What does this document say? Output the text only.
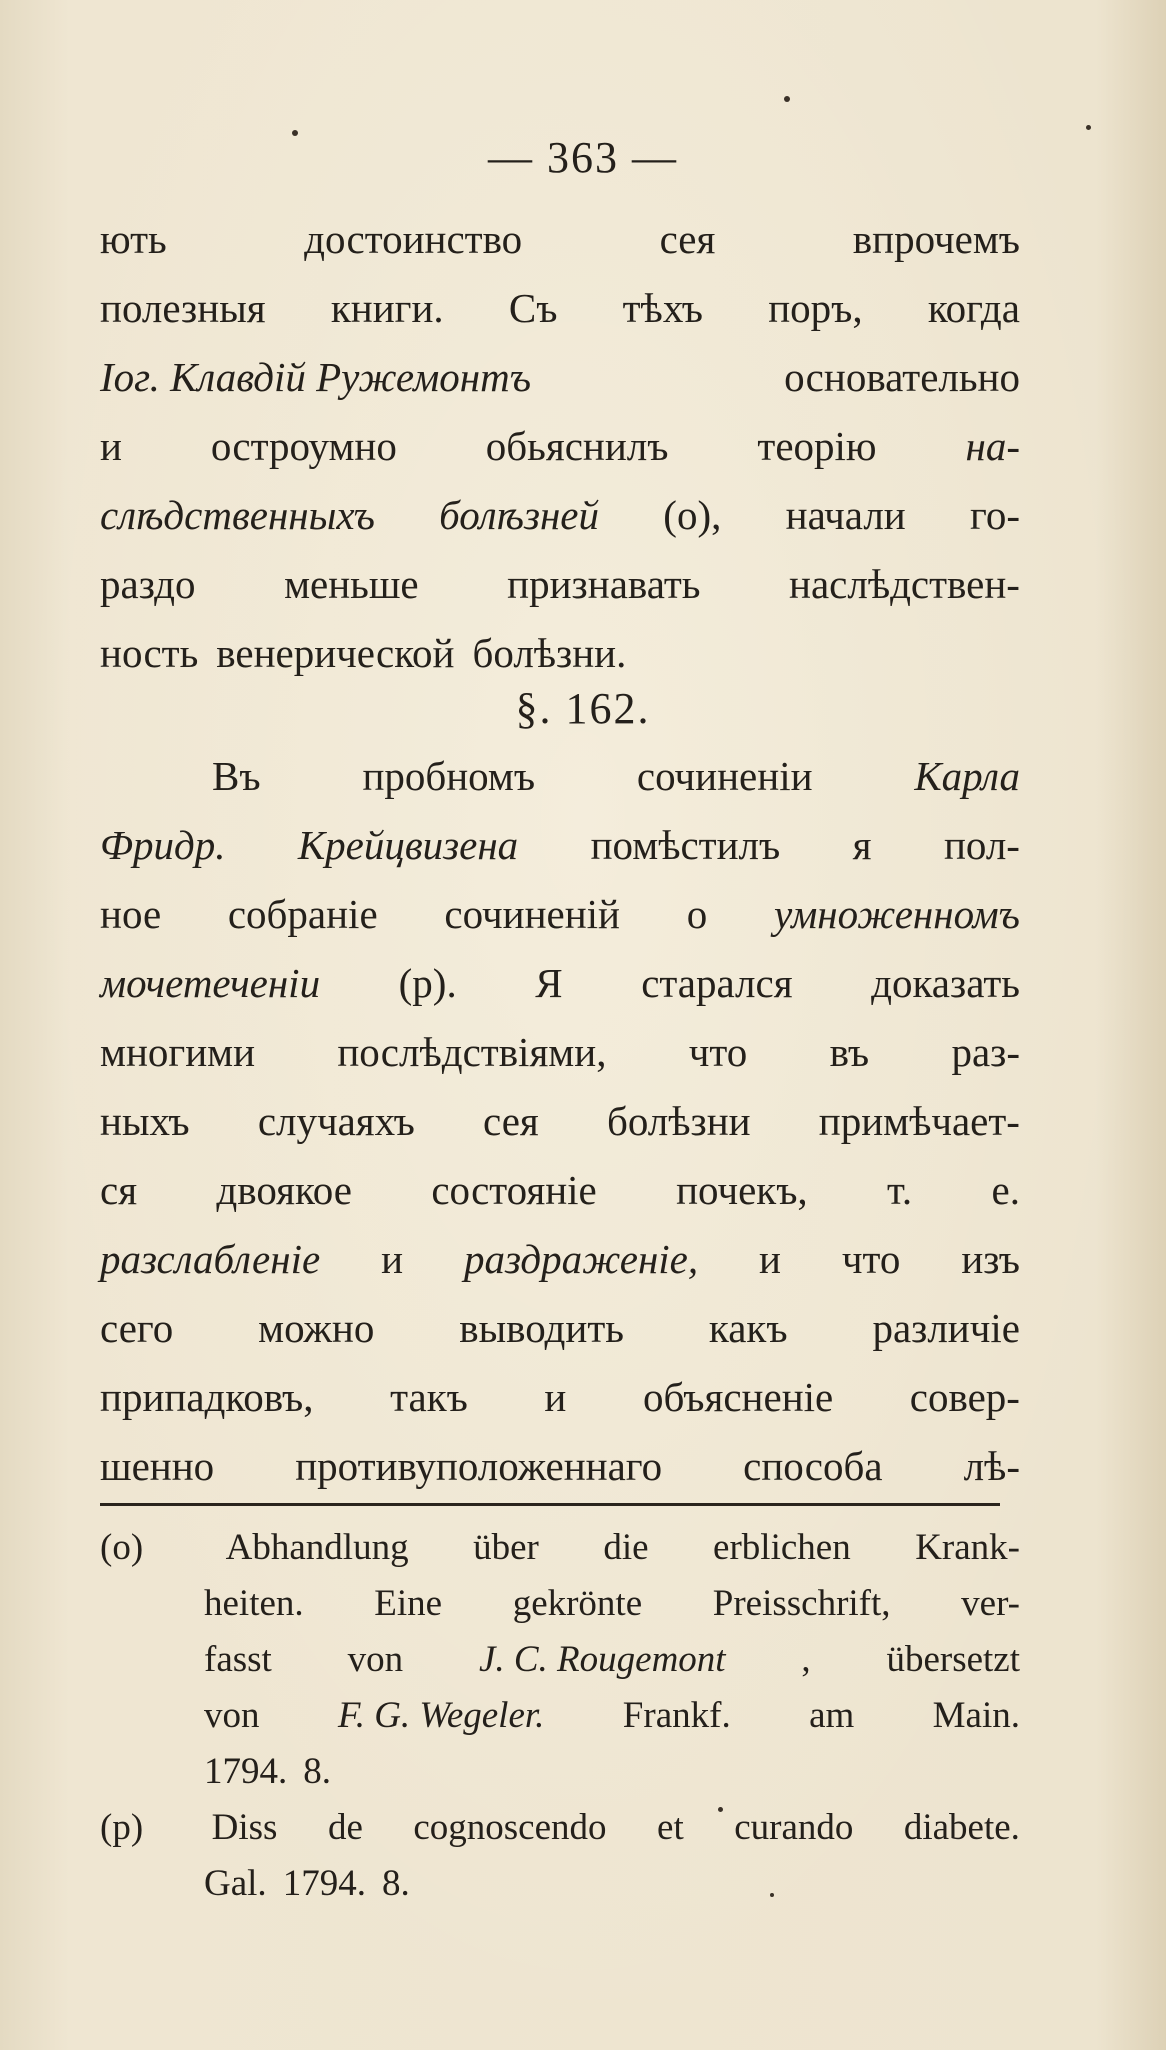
— 363 —
ють	достоинство	сея	впрочемъ
полезныя книги. Съ тѣхъ поръ, когда
Іог. Клавдій Ружемонтъ	основательно
и остроумно обьяснилъ теорію на-
слѣдственныхъ болѣзней (о), начали го-
раздо меньше признавать наслѣдствен-
ность венерической болѣзни.
§. 162.
Въ пробномъ сочиненіи Карла
Фридр. Крейцвизена помѣстилъ я пол-
ное собраніе сочиненій о умноженномъ
мочетеченіи (р). Я старался доказать
многими послѣдствіями, что въ раз-
ныхъ случаяхъ сея болѣзни примѣчает-
ся двоякое состояніе почекъ, т. е.
разслабленіе и раздраженіе, и что изъ
сего можно выводить какъ различіе
припадковъ, такъ и объясненіе совер-
шенно противуположеннаго способа лѣ-
(o) Abhandlung über die erblichen Krank-
heiten. Eine gekrönte Preisschrift, ver-
fasst von J. C. Rougemont , übersetzt
von F. G. Wegeler. Frankf. am Main.
1794. 8.
(p) Diss de cognoscendo et curando diabete.
Gal. 1794. 8.
